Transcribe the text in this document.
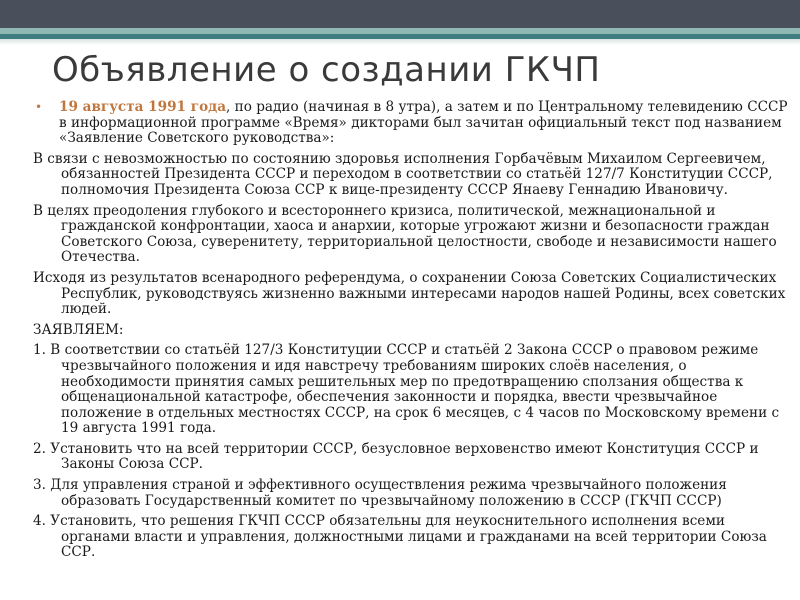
Объявление о создании ГКЧП

• 19 августа 1991 года, по радио (начиная в 8 утра), а затем и по Центральному телевидению СССР в информационной программе «Время» дикторами был зачитан официальный текст под названием «Заявление Советского руководства»:

В связи с невозможностью по состоянию здоровья исполнения Горбачёвым Михаилом Сергеевичем, обязанностей Президента СССР и переходом в соответствии со статьёй 127/7 Конституции СССР, полномочия Президента Союза ССР к вице-президенту СССР Янаеву Геннадию Ивановичу.

В целях преодоления глубокого и всестороннего кризиса, политической, межнациональной и гражданской конфронтации, хаоса и анархии, которые угрожают жизни и безопасности граждан Советского Союза, суверенитету, территориальной целостности, свободе и независимости нашего Отечества.

Исходя из результатов всенародного референдума, о сохранении Союза Советских Социалистических Республик, руководствуясь жизненно важными интересами народов нашей Родины, всех советских людей.

ЗАЯВЛЯЕМ:

1. В соответствии со статьёй 127/3 Конституции СССР и статьёй 2 Закона СССР о правовом режиме чрезвычайного положения и идя навстречу требованиям широких слоёв населения, о необходимости принятия самых решительных мер по предотвращению сползания общества к общенациональной катастрофе, обеспечения законности и порядка, ввести чрезвычайное положение в отдельных местностях СССР, на срок 6 месяцев, с 4 часов по Московскому времени с 19 августа 1991 года.

2. Установить что на всей территории СССР, безусловное верховенство имеют Конституция СССР и Законы Союза ССР.

3. Для управления страной и эффективного осуществления режима чрезвычайного положения образовать Государственный комитет по чрезвычайному положению в СССР (ГКЧП СССР)

4. Установить, что решения ГКЧП СССР обязательны для неукоснительного исполнения всеми органами власти и управления, должностными лицами и гражданами на всей территории Союза ССР.
